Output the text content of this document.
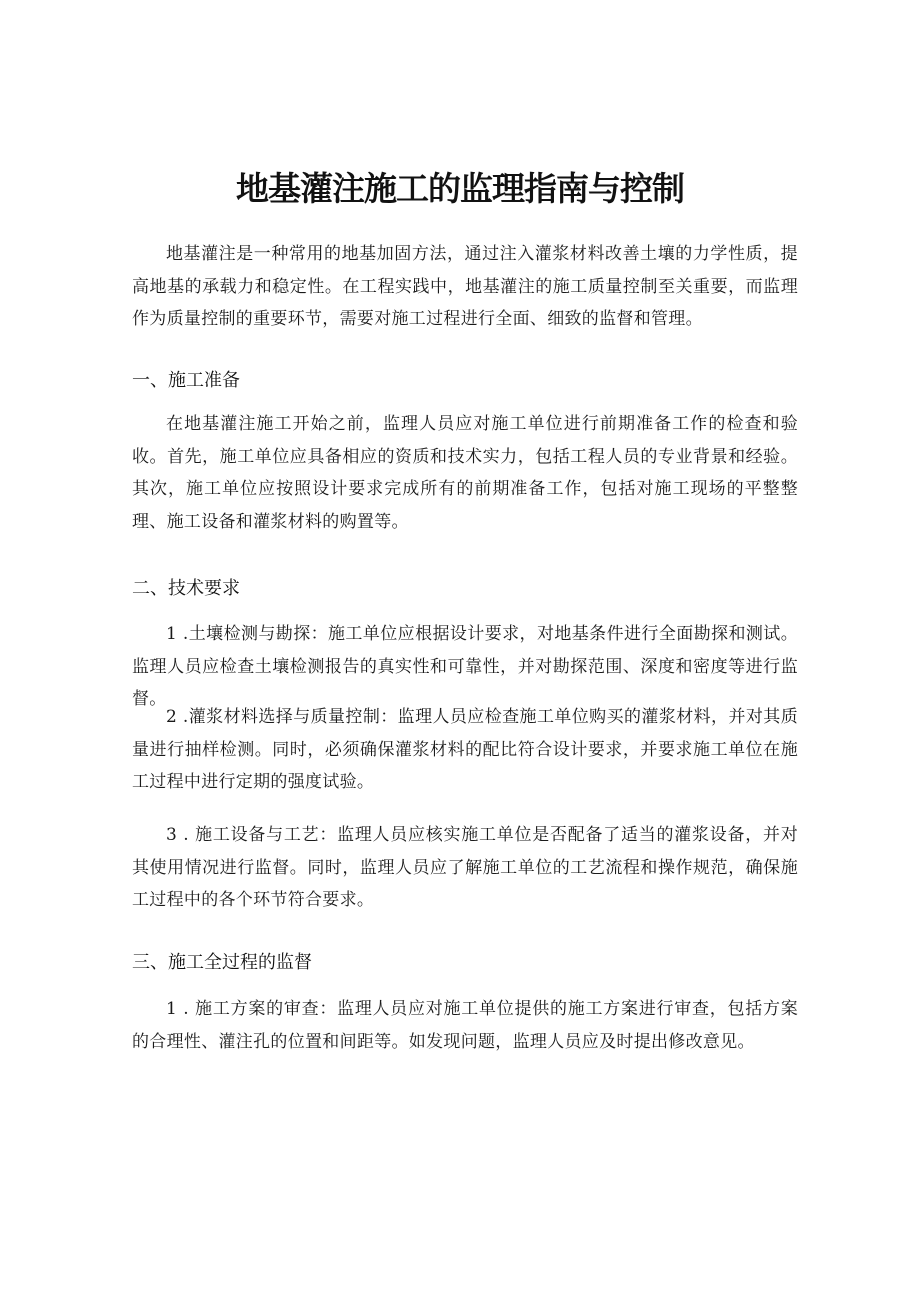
地基灌注施工的监理指南与控制

地基灌注是一种常用的地基加固方法，通过注入灌浆材料改善土壤的力学性质，提高地基的承载力和稳定性。在工程实践中，地基灌注的施工质量控制至关重要，而监理作为质量控制的重要环节，需要对施工过程进行全面、细致的监督和管理。

一、施工准备

在地基灌注施工开始之前，监理人员应对施工单位进行前期准备工作的检查和验收。首先，施工单位应具备相应的资质和技术实力，包括工程人员的专业背景和经验。其次，施工单位应按照设计要求完成所有的前期准备工作，包括对施工现场的平整整理、施工设备和灌浆材料的购置等。

二、技术要求

1 .土壤检测与勘探：施工单位应根据设计要求，对地基条件进行全面勘探和测试。监理人员应检查土壤检测报告的真实性和可靠性，并对勘探范围、深度和密度等进行监督。

2 .灌浆材料选择与质量控制：监理人员应检查施工单位购买的灌浆材料，并对其质量进行抽样检测。同时，必须确保灌浆材料的配比符合设计要求，并要求施工单位在施工过程中进行定期的强度试验。

3 . 施工设备与工艺：监理人员应核实施工单位是否配备了适当的灌浆设备，并对其使用情况进行监督。同时，监理人员应了解施工单位的工艺流程和操作规范，确保施工过程中的各个环节符合要求。

三、施工全过程的监督

1 . 施工方案的审查：监理人员应对施工单位提供的施工方案进行审查，包括方案的合理性、灌注孔的位置和间距等。如发现问题，监理人员应及时提出修改意见。
